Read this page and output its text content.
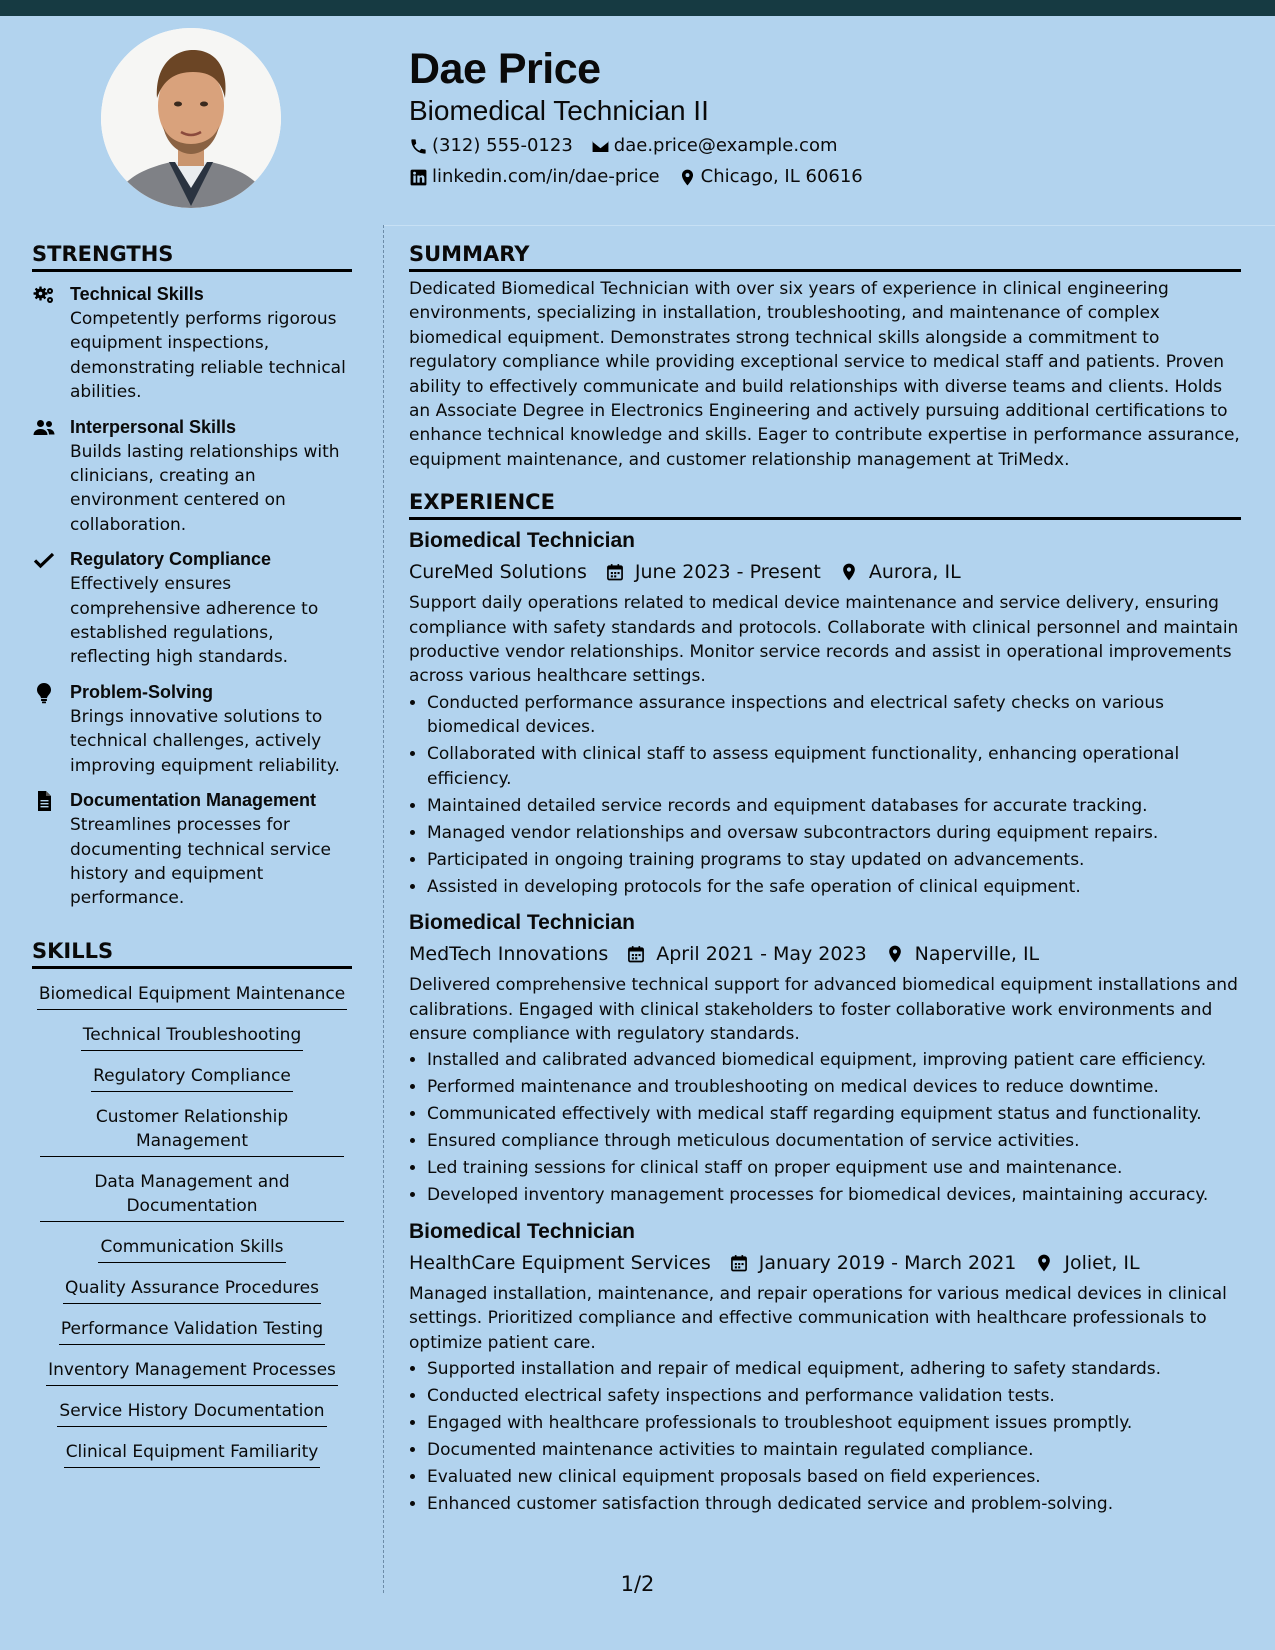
Dae Price
Biomedical Technician II
(312) 555-0123 dae.price@example.com
linkedin.com/in/dae-price Chicago, IL 60616
STRENGTHS
Technical Skills
Competently performs rigorous equipment inspections, demonstrating reliable technical abilities.
Interpersonal Skills
Builds lasting relationships with clinicians, creating an environment centered on collaboration.
Regulatory Compliance
Effectively ensures comprehensive adherence to established regulations, reflecting high standards.
Problem-Solving
Brings innovative solutions to technical challenges, actively improving equipment reliability.
Documentation Management
Streamlines processes for documenting technical service history and equipment performance.
SKILLS
Biomedical Equipment Maintenance
Technical Troubleshooting
Regulatory Compliance
Customer Relationship Management
Data Management and Documentation
Communication Skills
Quality Assurance Procedures
Performance Validation Testing
Inventory Management Processes
Service History Documentation
Clinical Equipment Familiarity
SUMMARY
Dedicated Biomedical Technician with over six years of experience in clinical engineering environments, specializing in installation, troubleshooting, and maintenance of complex biomedical equipment. Demonstrates strong technical skills alongside a commitment to regulatory compliance while providing exceptional service to medical staff and patients. Proven ability to effectively communicate and build relationships with diverse teams and clients. Holds an Associate Degree in Electronics Engineering and actively pursuing additional certifications to enhance technical knowledge and skills. Eager to contribute expertise in performance assurance, equipment maintenance, and customer relationship management at TriMedx.
EXPERIENCE
Biomedical Technician
CureMed Solutions	June 2023 - Present	Aurora, IL
Support daily operations related to medical device maintenance and service delivery, ensuring compliance with safety standards and protocols. Collaborate with clinical personnel and maintain productive vendor relationships. Monitor service records and assist in operational improvements across various healthcare settings.
• Conducted performance assurance inspections and electrical safety checks on various biomedical devices.
• Collaborated with clinical staff to assess equipment functionality, enhancing operational efficiency.
• Maintained detailed service records and equipment databases for accurate tracking.
• Managed vendor relationships and oversaw subcontractors during equipment repairs.
• Participated in ongoing training programs to stay updated on advancements.
• Assisted in developing protocols for the safe operation of clinical equipment.
Biomedical Technician
MedTech Innovations	April 2021 - May 2023	Naperville, IL
Delivered comprehensive technical support for advanced biomedical equipment installations and calibrations. Engaged with clinical stakeholders to foster collaborative work environments and ensure compliance with regulatory standards.
• Installed and calibrated advanced biomedical equipment, improving patient care efficiency.
• Performed maintenance and troubleshooting on medical devices to reduce downtime.
• Communicated effectively with medical staff regarding equipment status and functionality.
• Ensured compliance through meticulous documentation of service activities.
• Led training sessions for clinical staff on proper equipment use and maintenance.
• Developed inventory management processes for biomedical devices, maintaining accuracy.
Biomedical Technician
HealthCare Equipment Services	January 2019 - March 2021	Joliet, IL
Managed installation, maintenance, and repair operations for various medical devices in clinical settings. Prioritized compliance and effective communication with healthcare professionals to optimize patient care.
• Supported installation and repair of medical equipment, adhering to safety standards.
• Conducted electrical safety inspections and performance validation tests.
• Engaged with healthcare professionals to troubleshoot equipment issues promptly.
• Documented maintenance activities to maintain regulated compliance.
• Evaluated new clinical equipment proposals based on field experiences.
• Enhanced customer satisfaction through dedicated service and problem-solving.
1/2
